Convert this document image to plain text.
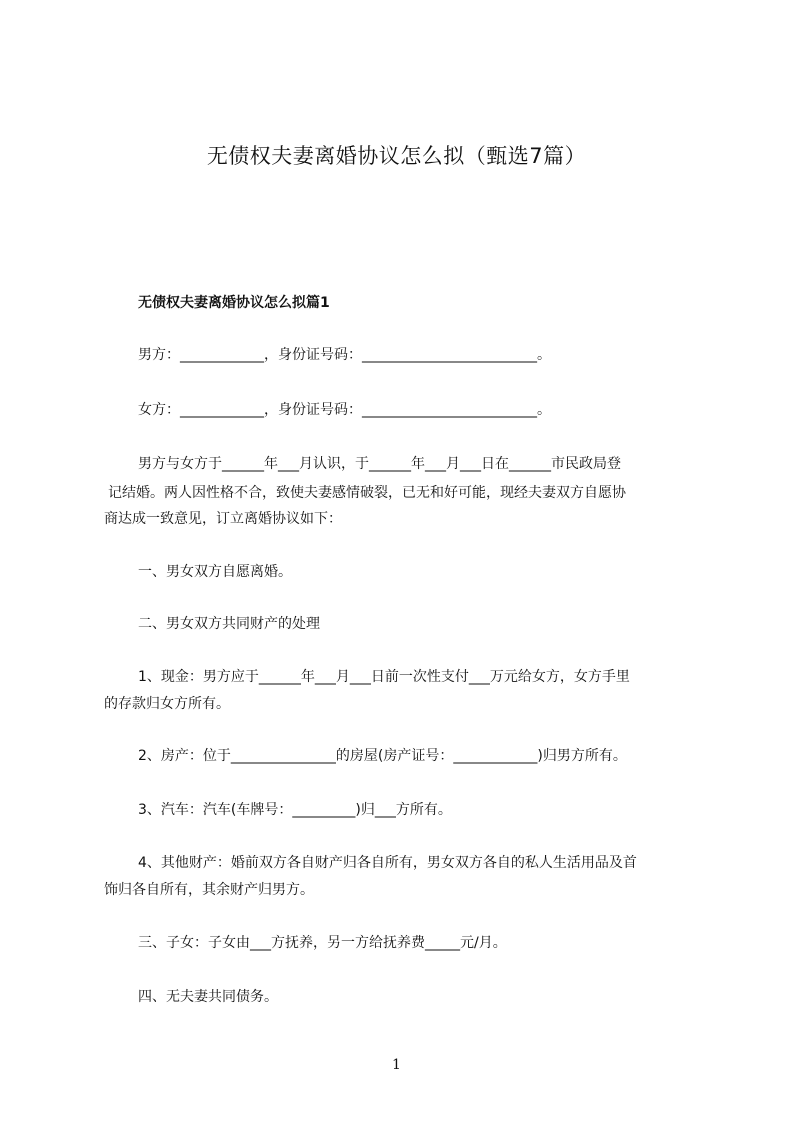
无债权夫妻离婚协议怎么拟（甄选7篇）
无债权夫妻离婚协议怎么拟篇1
男方：____________，身份证号码：_________________________。
女方：____________，身份证号码：_________________________。
男方与女方于______年___月认识，于______年___月___日在______市民政局登
记结婚。两人因性格不合，致使夫妻感情破裂，已无和好可能，现经夫妻双方自愿协
商达成一致意见，订立离婚协议如下：
一、男女双方自愿离婚。
二、男女双方共同财产的处理
1、现金：男方应于______年___月___日前一次性支付___万元给女方，女方手里
的存款归女方所有。
2、房产：位于_______________的房屋(房产证号：____________)归男方所有。
3、汽车：汽车(车牌号：_________)归___方所有。
4、其他财产：婚前双方各自财产归各自所有，男女双方各自的私人生活用品及首
饰归各自所有，其余财产归男方。
三、子女：子女由___方抚养，另一方给抚养费_____元/月。
四、无夫妻共同债务。
1
